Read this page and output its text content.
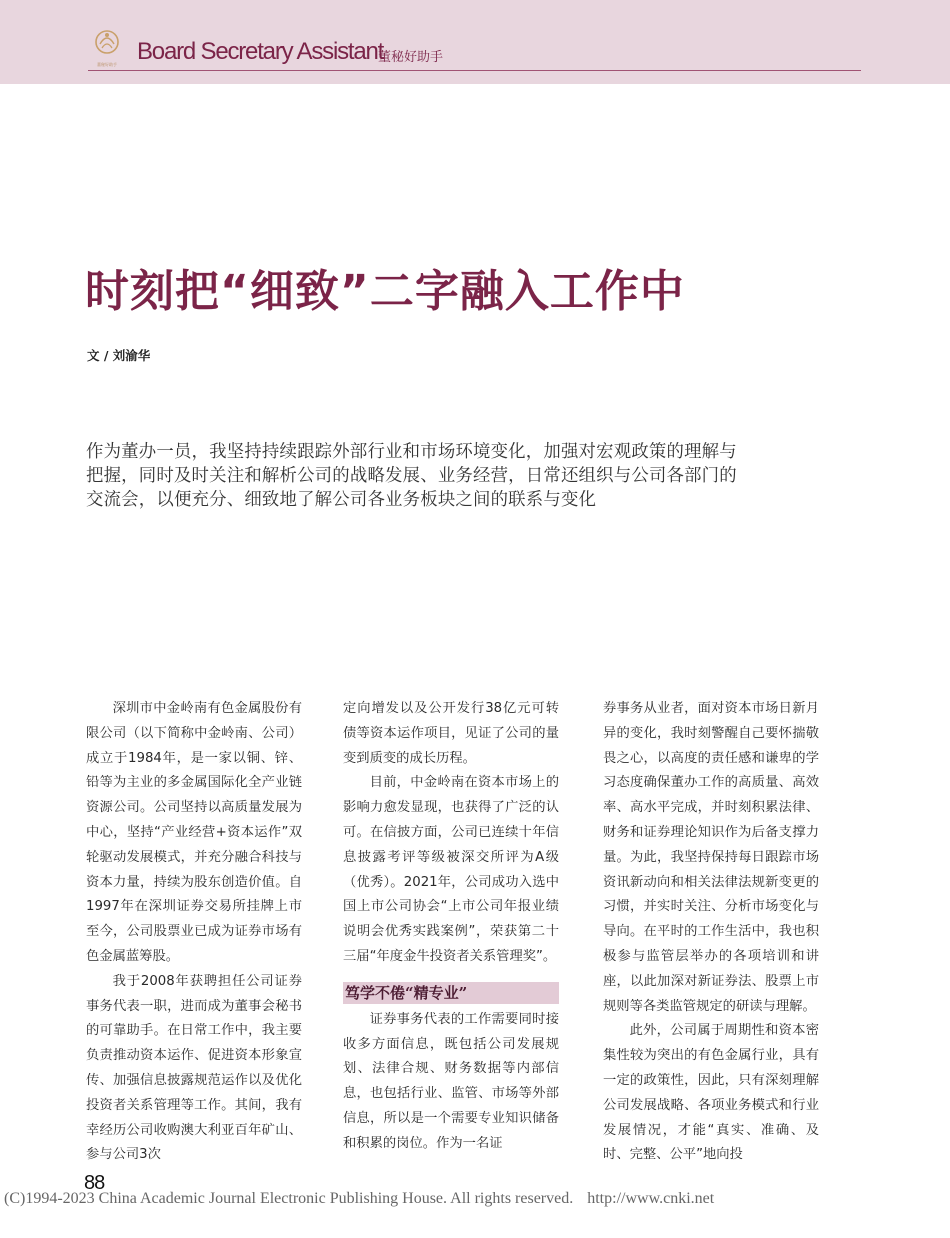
董秘好助手 Board Secretary Assistant
董秘好助手
时刻把“细致”二字融入工作中
文 / 刘渝华
作为董办一员，我坚持持续跟踪外部行业和市场环境变化，加强对宏观政策的理解与把握，同时及时关注和解析公司的战略发展、业务经营，日常还组织与公司各部门的交流会，以便充分、细致地了解公司各业务板块之间的联系与变化

深圳市中金岭南有色金属股份有限公司（以下简称中金岭南、公司）成立于1984年，是一家以铜、锌、铅等为主业的多金属国际化全产业链资源公司。公司坚持以高质量发展为中心，坚持“产业经营+资本运作”双轮驱动发展模式，并充分融合科技与资本力量，持续为股东创造价值。自1997年在深圳证券交易所挂牌上市至今，公司股票业已成为证券市场有色金属蓝筹股。

我于2008年获聘担任公司证券事务代表一职，进而成为董事会秘书的可靠助手。在日常工作中，我主要负责推动资本运作、促进资本形象宣传、加强信息披露规范运作以及优化投资者关系管理等工作。其间，我有幸经历公司收购澳大利亚百年矿山、参与公司3次

定向增发以及公开发行38亿元可转债等资本运作项目，见证了公司的量变到质变的成长历程。

目前，中金岭南在资本市场上的影响力愈发显现，也获得了广泛的认可。在信披方面，公司已连续十年信息披露考评等级被深交所评为A级（优秀）。2021年，公司成功入选中国上市公司协会“上市公司年报业绩说明会优秀实践案例”，荣获第二十三届“年度金牛投资者关系管理奖”。

笃学不倦“精专业”

证券事务代表的工作需要同时接收多方面信息，既包括公司发展规划、法律合规、财务数据等内部信息，也包括行业、监管、市场等外部信息，所以是一个需要专业知识储备和积累的岗位。作为一名证

券事务从业者，面对资本市场日新月异的变化，我时刻警醒自己要怀揣敬畏之心，以高度的责任感和谦卑的学习态度确保董办工作的高质量、高效率、高水平完成，并时刻积累法律、财务和证券理论知识作为后备支撑力量。为此，我坚持保持每日跟踪市场资讯新动向和相关法律法规新变更的习惯，并实时关注、分析市场变化与导向。在平时的工作生活中，我也积极参与监管层举办的各项培训和讲座，以此加深对新证券法、股票上市规则等各类监管规定的研读与理解。

此外，公司属于周期性和资本密集性较为突出的有色金属行业，具有一定的政策性，因此，只有深刻理解公司发展战略、各项业务模式和行业发展情况，才能“真实、准确、及时、完整、公平”地向投

88
(C)1994-2023 China Academic Journal Electronic Publishing House. All rights reserved. http://www.cnki.net
